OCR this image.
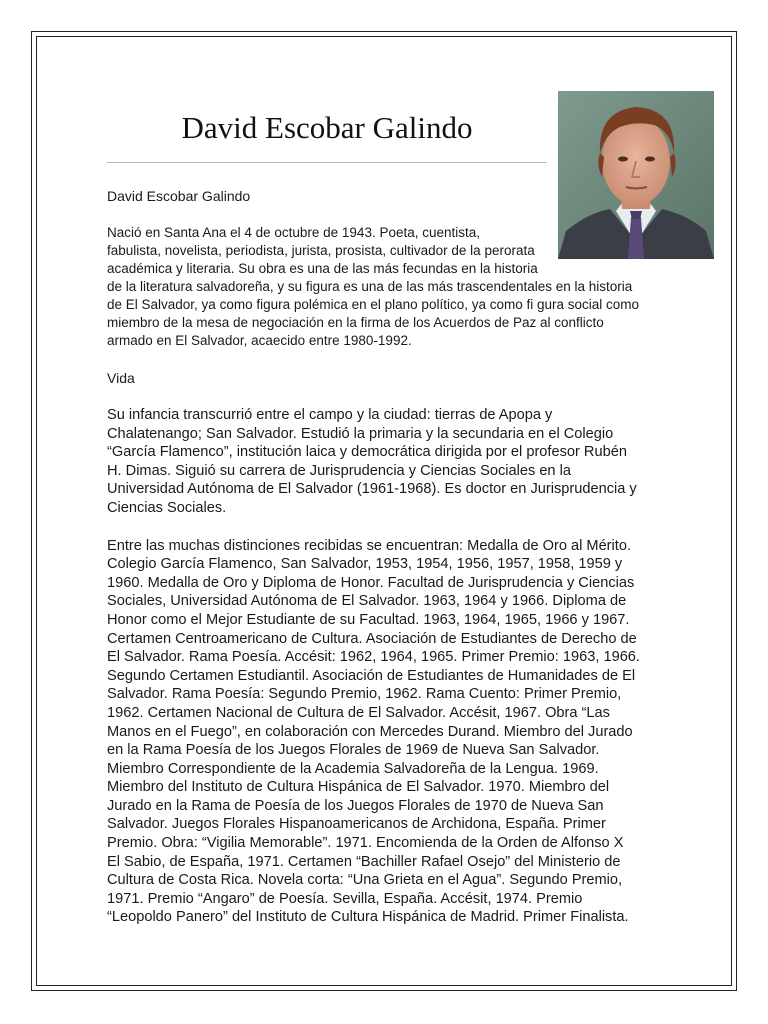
David Escobar Galindo

David Escobar Galindo

Nació en Santa Ana el 4 de octubre de 1943. Poeta, cuentista,

fabulista, novelista, periodista, jurista, prosista, cultivador de la perorata

académica y literaria. Su obra es una de las más fecundas en la historia

de la literatura salvadoreña, y su figura es una de las más trascendentales en la historia

de El Salvador, ya como figura polémica en el plano político, ya como fi gura social como

miembro de la mesa de negociación en la firma de los Acuerdos de Paz al conflicto

armado en El Salvador, acaecido entre 1980-1992.

Vida

Su infancia transcurrió entre el campo y la ciudad: tierras de Apopa y

Chalatenango; San Salvador. Estudió la primaria y la secundaria en el Colegio

“García Flamenco”, institución laica y democrática dirigida por el profesor Rubén

H. Dimas. Siguió su carrera de Jurisprudencia y Ciencias Sociales en la

Universidad Autónoma de El Salvador (1961-1968). Es doctor en Jurisprudencia y

Ciencias Sociales.

Entre las muchas distinciones recibidas se encuentran: Medalla de Oro al Mérito.

Colegio García Flamenco, San Salvador, 1953, 1954, 1956, 1957, 1958, 1959 y

1960. Medalla de Oro y Diploma de Honor. Facultad de Jurisprudencia y Ciencias

Sociales, Universidad Autónoma de El Salvador. 1963, 1964 y 1966. Diploma de

Honor como el Mejor Estudiante de su Facultad. 1963, 1964, 1965, 1966 y 1967.

Certamen Centroamericano de Cultura. Asociación de Estudiantes de Derecho de

El Salvador. Rama Poesía. Accésit: 1962, 1964, 1965. Primer Premio: 1963, 1966.

Segundo Certamen Estudiantil. Asociación de Estudiantes de Humanidades de El

Salvador. Rama Poesía: Segundo Premio, 1962. Rama Cuento: Primer Premio,

1962. Certamen Nacional de Cultura de El Salvador. Accésit, 1967. Obra “Las

Manos en el Fuego”, en colaboración con Mercedes Durand. Miembro del Jurado

en la Rama Poesía de los Juegos Florales de 1969 de Nueva San Salvador.

Miembro Correspondiente de la Academia Salvadoreña de la Lengua. 1969.

Miembro del Instituto de Cultura Hispánica de El Salvador. 1970. Miembro del

Jurado en la Rama de Poesía de los Juegos Florales de 1970 de Nueva San

Salvador. Juegos Florales Hispanoamericanos de Archidona, España. Primer

Premio. Obra: “Vigilia Memorable”. 1971. Encomienda de la Orden de Alfonso X

El Sabio, de España, 1971. Certamen “Bachiller Rafael Osejo” del Ministerio de

Cultura de Costa Rica. Novela corta: “Una Grieta en el Agua”. Segundo Premio,

1971. Premio “Angaro” de Poesía. Sevilla, España. Accésit, 1974. Premio

“Leopoldo Panero” del Instituto de Cultura Hispánica de Madrid. Primer Finalista.
